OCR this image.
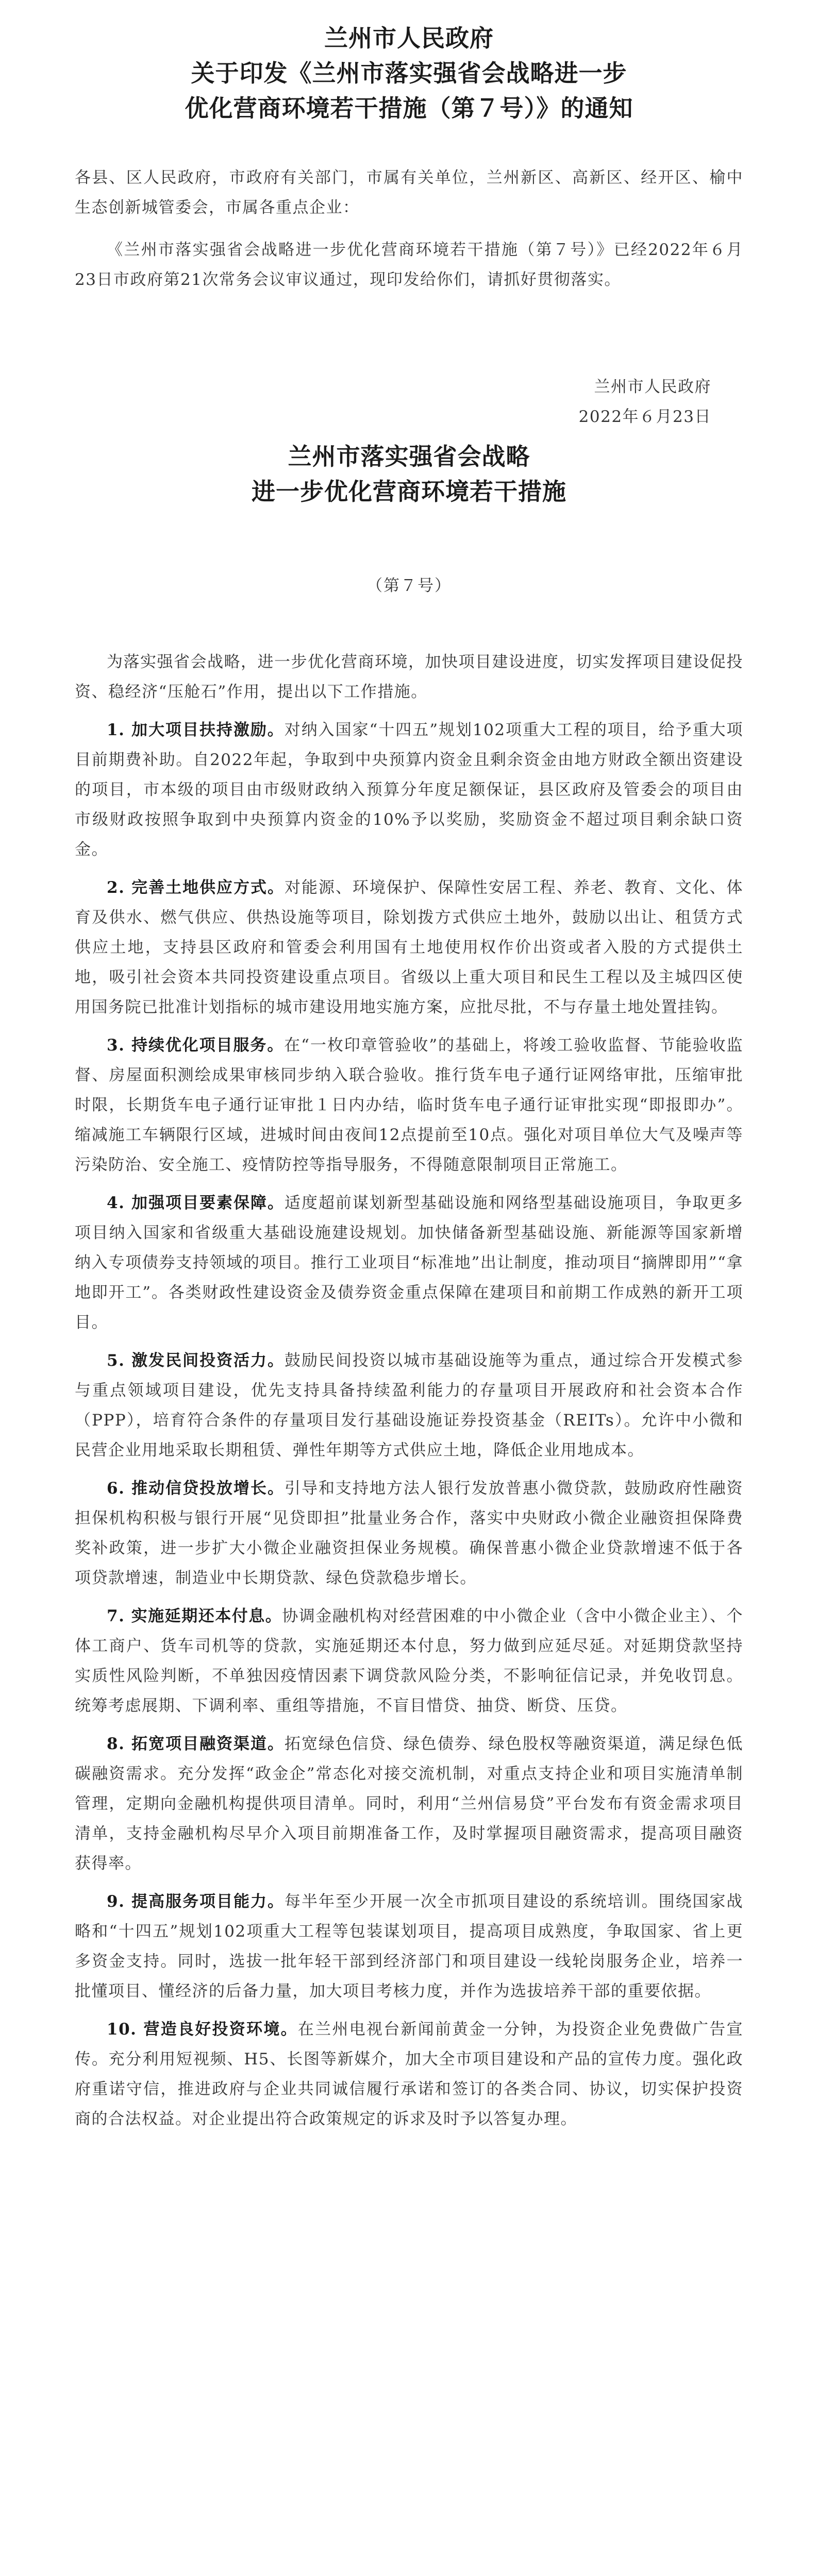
兰州市人民政府
关于印发《兰州市落实强省会战略进一步
优化营商环境若干措施（第７号）》的通知

各县、区人民政府，市政府有关部门，市属有关单位，兰州新区、高新区、经开区、榆中生态创新城管委会，市属各重点企业：

《兰州市落实强省会战略进一步优化营商环境若干措施（第７号）》已经2022年６月23日市政府第21次常务会议审议通过，现印发给你们，请抓好贯彻落实。

兰州市人民政府
2022年６月23日
兰州市落实强省会战略
进一步优化营商环境若干措施
（第７号）

为落实强省会战略，进一步优化营商环境，加快项目建设进度，切实发挥项目建设促投资、稳经济“压舱石”作用，提出以下工作措施。

1. 加大项目扶持激励。对纳入国家“十四五”规划102项重大工程的项目，给予重大项目前期费补助。自2022年起，争取到中央预算内资金且剩余资金由地方财政全额出资建设的项目，市本级的项目由市级财政纳入预算分年度足额保证，县区政府及管委会的项目由市级财政按照争取到中央预算内资金的10%予以奖励，奖励资金不超过项目剩余缺口资金。

2. 完善土地供应方式。对能源、环境保护、保障性安居工程、养老、教育、文化、体育及供水、燃气供应、供热设施等项目，除划拨方式供应土地外，鼓励以出让、租赁方式供应土地，支持县区政府和管委会利用国有土地使用权作价出资或者入股的方式提供土地，吸引社会资本共同投资建设重点项目。省级以上重大项目和民生工程以及主城四区使用国务院已批准计划指标的城市建设用地实施方案，应批尽批，不与存量土地处置挂钩。

3. 持续优化项目服务。在“一枚印章管验收”的基础上，将竣工验收监督、节能验收监督、房屋面积测绘成果审核同步纳入联合验收。推行货车电子通行证网络审批，压缩审批时限，长期货车电子通行证审批１日内办结，临时货车电子通行证审批实现“即报即办”。缩减施工车辆限行区域，进城时间由夜间12点提前至10点。强化对项目单位大气及噪声等污染防治、安全施工、疫情防控等指导服务，不得随意限制项目正常施工。

4. 加强项目要素保障。适度超前谋划新型基础设施和网络型基础设施项目，争取更多项目纳入国家和省级重大基础设施建设规划。加快储备新型基础设施、新能源等国家新增纳入专项债券支持领域的项目。推行工业项目“标准地”出让制度，推动项目“摘牌即用”“拿地即开工”。各类财政性建设资金及债券资金重点保障在建项目和前期工作成熟的新开工项目。

5. 激发民间投资活力。鼓励民间投资以城市基础设施等为重点，通过综合开发模式参与重点领域项目建设，优先支持具备持续盈利能力的存量项目开展政府和社会资本合作（PPP），培育符合条件的存量项目发行基础设施证券投资基金（REITs）。允许中小微和民营企业用地采取长期租赁、弹性年期等方式供应土地，降低企业用地成本。

6. 推动信贷投放增长。引导和支持地方法人银行发放普惠小微贷款，鼓励政府性融资担保机构积极与银行开展“见贷即担”批量业务合作，落实中央财政小微企业融资担保降费奖补政策，进一步扩大小微企业融资担保业务规模。确保普惠小微企业贷款增速不低于各项贷款增速，制造业中长期贷款、绿色贷款稳步增长。

7. 实施延期还本付息。协调金融机构对经营困难的中小微企业（含中小微企业主）、个体工商户、货车司机等的贷款，实施延期还本付息，努力做到应延尽延。对延期贷款坚持实质性风险判断，不单独因疫情因素下调贷款风险分类，不影响征信记录，并免收罚息。统筹考虑展期、下调利率、重组等措施，不盲目惜贷、抽贷、断贷、压贷。

8. 拓宽项目融资渠道。拓宽绿色信贷、绿色债券、绿色股权等融资渠道，满足绿色低碳融资需求。充分发挥“政金企”常态化对接交流机制，对重点支持企业和项目实施清单制管理，定期向金融机构提供项目清单。同时，利用“兰州信易贷”平台发布有资金需求项目清单，支持金融机构尽早介入项目前期准备工作，及时掌握项目融资需求，提高项目融资获得率。

9. 提高服务项目能力。每半年至少开展一次全市抓项目建设的系统培训。围绕国家战略和“十四五”规划102项重大工程等包装谋划项目，提高项目成熟度，争取国家、省上更多资金支持。同时，选拔一批年轻干部到经济部门和项目建设一线轮岗服务企业，培养一批懂项目、懂经济的后备力量，加大项目考核力度，并作为选拔培养干部的重要依据。

10. 营造良好投资环境。在兰州电视台新闻前黄金一分钟，为投资企业免费做广告宣传。充分利用短视频、H5、长图等新媒介，加大全市项目建设和产品的宣传力度。强化政府重诺守信，推进政府与企业共同诚信履行承诺和签订的各类合同、协议，切实保护投资商的合法权益。对企业提出符合政策规定的诉求及时予以答复办理。
